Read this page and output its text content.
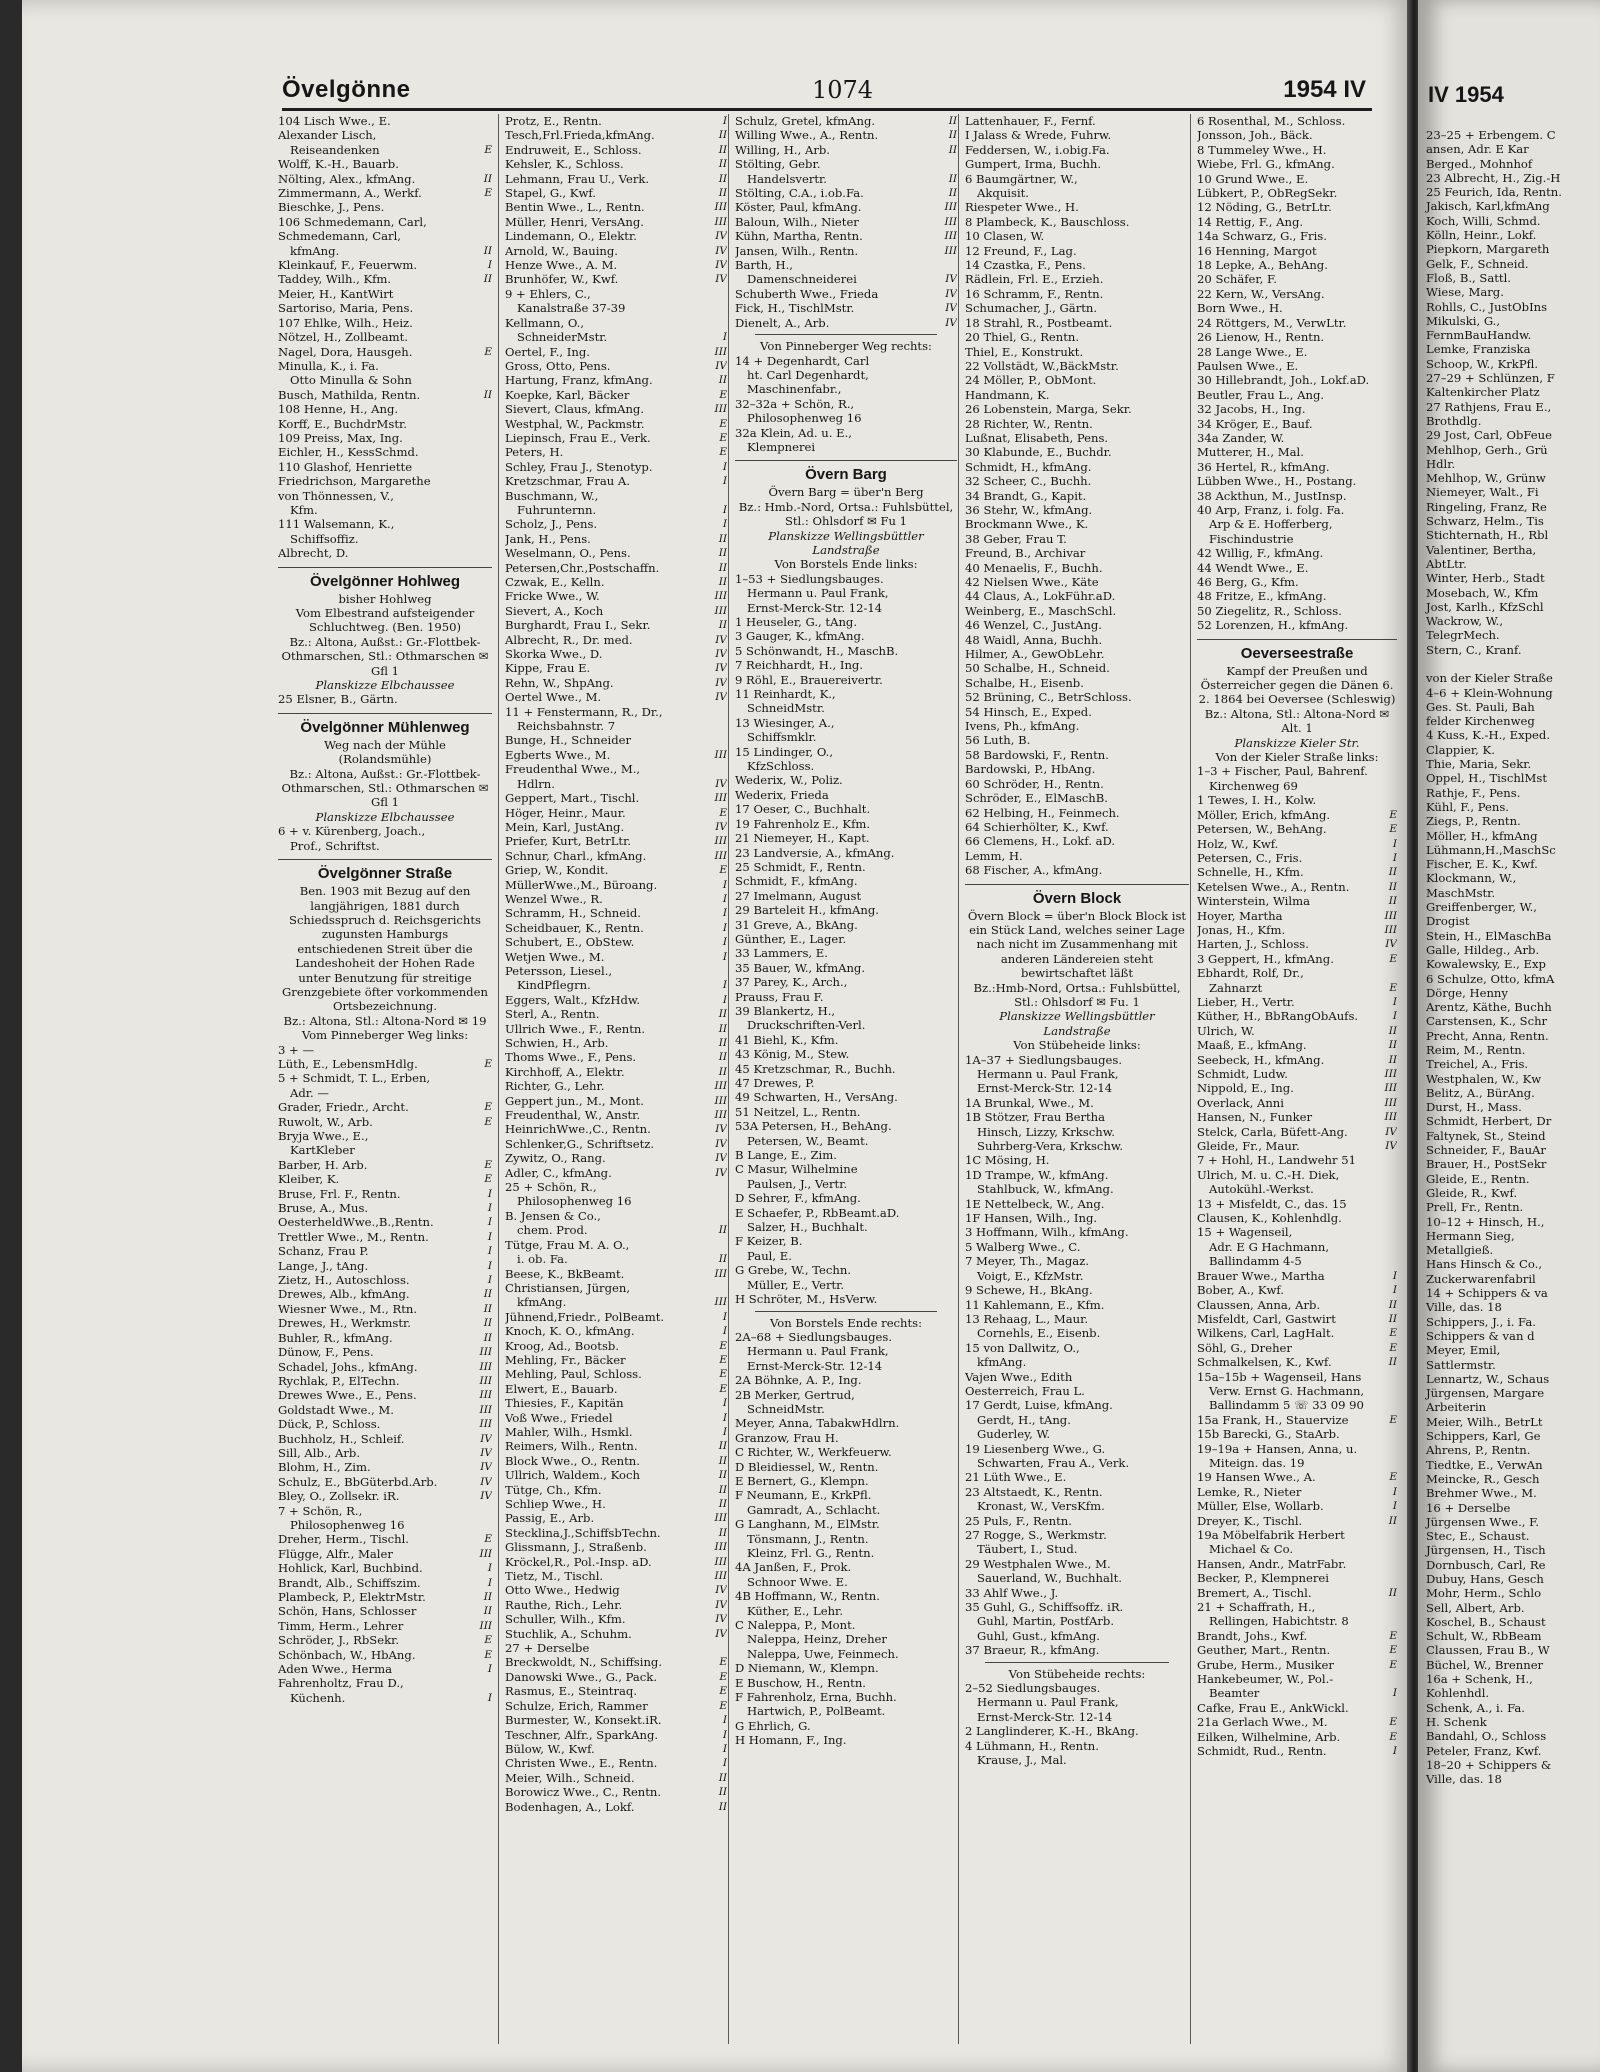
Övelgönne	1074	1954 IV
104 Lisch Wwe., E.
Alexander Lisch,
Reiseandenken	E
Wolff, K.-H., Bauarb.
Nölting, Alex., kfmAng.	II
Zimmermann, A., Werkf.	E
Bieschke, J., Pens.
106 Schmedemann, Carl,
Schmedemann, Carl,
kfmAng.	II
Kleinkauf, F., Feuerwm.	I
Taddey, Wilh., Kfm.	II
Meier, H., KantWirt
Sartoriso, Maria, Pens.
107 Ehlke, Wilh., Heiz.
Nötzel, H., Zollbeamt.
Nagel, Dora, Hausgeh.	E
Minulla, K., i. Fa.
Otto Minulla & Sohn
Busch, Mathilda, Rentn.	II
108 Henne, H., Ang.
Korff, E., BuchdrMstr.
109 Preiss, Max, Ing.
Eichler, H., KessSchmd.
110 Glashof, Henriette
Friedrichson, Margarethe
von Thönnessen, V.,
Kfm.
111 Walsemann, K.,
Schiffsoffiz.
Albrecht, D.
Övelgönner Hohlweg
bisher Hohlweg
Vom Elbestrand aufsteigender Schluchtweg. (Ben. 1950)
Bz.: Altona, Außst.: Gr.-Flottbek-Othmarschen, Stl.: Othmarschen ✉ Gfl 1
Planskizze Elbchaussee
25 Elsner, B., Gärtn.
Övelgönner Mühlenweg
Weg nach der Mühle (Rolandsmühle)
Bz.: Altona, Außst.: Gr.-Flottbek-Othmarschen, Stl.: Othmarschen ✉ Gfl 1
Planskizze Elbchaussee
6 + v. Kürenberg, Joach.,
Prof., Schriftst.
Övelgönner Straße
Ben. 1903 mit Bezug auf den langjährigen, 1881 durch Schiedsspruch d. Reichsgerichts zugunsten Hamburgs entschiedenen Streit über die Landeshoheit der Hohen Rade unter Benutzung für streitige Grenzgebiete öfter vorkommenden Ortsbezeichnung.
Bz.: Altona, Stl.: Altona-Nord ✉ 19
Vom Pinneberger Weg links:
3 + —
Lüth, E., LebensmHdlg.	E
5 + Schmidt, T. L., Erben,
Adr. —
Grader, Friedr., Archt.	E
Ruwolt, W., Arb.	E
Bryja Wwe., E.,
KartKleber
Barber, H. Arb.	E
Kleiber, K.	E
Bruse, Frl. F., Rentn.	I
Bruse, A., Mus.	I
OesterheldWwe.,B.,Rentn.	I
Trettler Wwe., M., Rentn.	I
Schanz, Frau P.	I
Lange, J., tAng.	I
Zietz, H., Autoschloss.	I
Drewes, Alb., kfmAng.	II
Wiesner Wwe., M., Rtn.	II
Drewes, H., Werkmstr.	II
Buhler, R., kfmAng.	II
Dünow, F., Pens.	III
Schadel, Johs., kfmAng.	III
Rychlak, P., ElTechn.	III
Drewes Wwe., E., Pens.	III
Goldstadt Wwe., M.	III
Dück, P., Schloss.	III
Buchholz, H., Schleif.	IV
Sill, Alb., Arb.	IV
Blohm, H., Zim.	IV
Schulz, E., BbGüterbd.Arb.	IV
Bley, O., Zollsekr. iR.	IV
7 + Schön, R.,
Philosophenweg 16
Dreher, Herm., Tischl.	E
Flügge, Alfr., Maler	III
Hohlick, Karl, Buchbind.	I
Brandt, Alb., Schiffszim.	I
Plambeck, P., ElektrMstr.	II
Schön, Hans, Schlosser	II
Timm, Herm., Lehrer	III
Schröder, J., RbSekr.	E
Schönbach, W., HbAng.	E
Aden Wwe., Herma	I
Fahrenholtz, Frau D.,
Küchenh.	I
Protz, E., Rentn.	I
Tesch,Frl.Frieda,kfmAng.	II
Endruweit, E., Schloss.	II
Kehsler, K., Schloss.	II
Lehmann, Frau U., Verk.	II
Stapel, G., Kwf.	II
Bentin Wwe., L., Rentn.	III
Müller, Henri, VersAng.	III
Lindemann, O., Elektr.	IV
Arnold, W., Bauing.	IV
Henze Wwe., A. M.	IV
Brunhöfer, W., Kwf.	IV
9 + Ehlers, C.,
Kanalstraße 37-39
Kellmann, O.,
SchneiderMstr.	I
Oertel, F., Ing.	III
Gross, Otto, Pens.	IV
Hartung, Franz, kfmAng.	II
Koepke, Karl, Bäcker	E
Sievert, Claus, kfmAng.	III
Westphal, W., Packmstr.	E
Liepinsch, Frau E., Verk.	E
Peters, H.	E
Schley, Frau J., Stenotyp.	I
Kretzschmar, Frau A.	I
Buschmann, W.,
Fuhrunternn.	I
Scholz, J., Pens.	I
Jank, H., Pens.	II
Weselmann, O., Pens.	II
Petersen,Chr.,Postschaffn.	II
Czwak, E., Kelln.	II
Fricke Wwe., W.	III
Sievert, A., Koch	III
Burghardt, Frau I., Sekr.	II
Albrecht, R., Dr. med.	IV
Skorka Wwe., D.	IV
Kippe, Frau E.	IV
Rehn, W., ShpAng.	IV
Oertel Wwe., M.	IV
11 + Fenstermann, R., Dr.,
Reichsbahnstr. 7
Bunge, H., Schneider
Egberts Wwe., M.	III
Freudenthal Wwe., M.,
Hdlrn.	IV
Geppert, Mart., Tischl.	III
Höger, Heinr., Maur.	E
Mein, Karl, JustAng.	IV
Priefer, Kurt, BetrLtr.	III
Schnur, Charl., kfmAng.	III
Griep, W., Kondit.	E
MüllerWwe.,M., Büroang.	I
Wenzel Wwe., R.	I
Schramm, H., Schneid.	I
Scheidbauer, K., Rentn.	I
Schubert, E., ObStew.	I
Wetjen Wwe., M.	I
Petersson, Liesel.,
KindPflegrn.	I
Eggers, Walt., KfzHdw.	I
Sterl, A., Rentn.	II
Ullrich Wwe., F., Rentn.	II
Schwien, H., Arb.	II
Thoms Wwe., F., Pens.	II
Kirchhoff, A., Elektr.	II
Richter, G., Lehr.	III
Geppert jun., M., Mont.	III
Freudenthal, W., Anstr.	III
HeinrichWwe.,C., Rentn.	IV
Schlenker,G., Schriftsetz.	IV
Zywitz, O., Rang.	IV
Adler, C., kfmAng.	IV
25 + Schön, R.,
Philosophenweg 16
B. Jensen & Co.,
chem. Prod.	II
Tütge, Frau M. A. O.,
i. ob. Fa.	II
Beese, K., BkBeamt.	III
Christiansen, Jürgen,
kfmAng.	III
Jühnend,Friedr., PolBeamt.	I
Knoch, K. O., kfmAng.	I
Kroog, Ad., Bootsb.	E
Mehling, Fr., Bäcker	E
Mehling, Paul, Schloss.	E
Elwert, E., Bauarb.	E
Thiesies, F., Kapitän	I
Voß Wwe., Friedel	I
Mahler, Wilh., Hsmkl.	I
Reimers, Wilh., Rentn.	II
Block Wwe., O., Rentn.	II
Ullrich, Waldem., Koch	II
Tütge, Ch., Kfm.	II
Schliep Wwe., H.	II
Passig, E., Arb.	III
Stecklina,J.,SchiffsbTechn.	II
Glissmann, J., Straßenb.	III
Kröckel,R., Pol.-Insp. aD.	III
Tietz, M., Tischl.	III
Otto Wwe., Hedwig	IV
Rauthe, Rich., Lehr.	IV
Schuller, Wilh., Kfm.	IV
Stuchlik, A., Schuhm.	IV
27 + Derselbe
Breckwoldt, N., Schiffsing.	E
Danowski Wwe., G., Pack.	E
Rasmus, E., Steintraq.	E
Schulze, Erich, Rammer	E
Burmester, W., Konsekt.iR.	I
Teschner, Alfr., SparkAng.	I
Bülow, W., Kwf.	I
Christen Wwe., E., Rentn.	I
Meier, Wilh., Schneid.	II
Borowicz Wwe., C., Rentn.	II
Bodenhagen, A., Lokf.	II
Schulz, Gretel, kfmAng.	II
Willing Wwe., A., Rentn.	II
Willing, H., Arb.	II
Stölting, Gebr.
Handelsvertr.	II
Stölting, C.A., i.ob.Fa.	II
Köster, Paul, kfmAng.	III
Baloun, Wilh., Nieter	III
Kühn, Martha, Rentn.	III
Jansen, Wilh., Rentn.	III
Barth, H.,
Damenschneiderei	IV
Schuberth Wwe., Frieda	IV
Fick, H., TischlMstr.	IV
Dienelt, A., Arb.	IV
Von Pinneberger Weg rechts:
14 + Degenhardt, Carl
ht. Carl Degenhardt,
Maschinenfabr.,
32–32a + Schön, R.,
Philosophenweg 16
32a Klein, Ad. u. E.,
Klempnerei
Övern Barg
Övern Barg = über'n Berg
Bz.: Hmb.-Nord, Ortsa.: Fuhlsbüttel, Stl.: Ohlsdorf ✉ Fu 1
Planskizze Wellingsbüttler Landstraße
Von Borstels Ende links:
1–53 + Siedlungsbauges.
Hermann u. Paul Frank,
Ernst-Merck-Str. 12-14
1 Heuseler, G., tAng.
3 Gauger, K., kfmAng.
5 Schönwandt, H., MaschB.
7 Reichhardt, H., Ing.
9 Röhl, E., Brauereivertr.
11 Reinhardt, K.,
SchneidMstr.
13 Wiesinger, A.,
Schiffsmklr.
15 Lindinger, O.,
KfzSchloss.
Wederix, W., Poliz.
Wederix, Frieda
17 Oeser, C., Buchhalt.
19 Fahrenholz E., Kfm.
21 Niemeyer, H., Kapt.
23 Landversie, A., kfmAng.
25 Schmidt, F., Rentn.
Schmidt, F., kfmAng.
27 Imelmann, August
29 Barteleit H., kfmAng.
31 Greve, A., BkAng.
Günther, E., Lager.
33 Lammers, E.
35 Bauer, W., kfmAng.
37 Parey, K., Arch.,
Prauss, Frau F.
39 Blankertz, H.,
Druckschriften-Verl.
41 Biehl, K., Kfm.
43 König, M., Stew.
45 Kretzschmar, R., Buchh.
47 Drewes, P.
49 Schwarten, H., VersAng.
51 Neitzel, L., Rentn.
53A Petersen, H., BehAng.
Petersen, W., Beamt.
B Lange, E., Zim.
C Masur, Wilhelmine
Paulsen, J., Vertr.
D Sehrer, F., kfmAng.
E Schaefer, P., RbBeamt.aD.
Salzer, H., Buchhalt.
F Keizer, B.
Paul, E.
G Grebe, W., Techn.
Müller, E., Vertr.
H Schröter, M., HsVerw.
Von Borstels Ende rechts:
2A–68 + Siedlungsbauges.
Hermann u. Paul Frank,
Ernst-Merck-Str. 12-14
2A Böhnke, A. P., Ing.
2B Merker, Gertrud,
SchneidMstr.
Meyer, Anna, TabakwHdlrn.
Granzow, Frau H.
C Richter, W., Werkfeuerw.
D Bleidiessel, W., Rentn.
E Bernert, G., Klempn.
F Neumann, E., KrkPfl.
Gamradt, A., Schlacht.
G Langhann, M., ElMstr.
Tönsmann, J., Rentn.
Kleinz, Frl. G., Rentn.
4A Janßen, F., Prok.
Schnoor Wwe. E.
4B Hoffmann, W., Rentn.
Küther, E., Lehr.
C Naleppa, P., Mont.
Naleppa, Heinz, Dreher
Naleppa, Uwe, Feinmech.
D Niemann, W., Klempn.
E Buschow, H., Rentn.
F Fahrenholz, Erna, Buchh.
Hartwich, P., PolBeamt.
G Ehrlich, G.
H Homann, F., Ing.
Lattenhauer, F., Fernf.
I Jalass & Wrede, Fuhrw.
Feddersen, W., i.obig.Fa.
Gumpert, Irma, Buchh.
6 Baumgärtner, W.,
Akquisit.
Riespeter Wwe., H.
8 Plambeck, K., Bauschloss.
10 Clasen, W.
12 Freund, F., Lag.
14 Czastka, F., Pens.
Rädlein, Frl. E., Erzieh.
16 Schramm, F., Rentn.
Schumacher, J., Gärtn.
18 Strahl, R., Postbeamt.
20 Thiel, G., Rentn.
Thiel, E., Konstrukt.
22 Vollstädt, W.,BäckMstr.
24 Möller, P., ObMont.
Handmann, K.
26 Lobenstein, Marga, Sekr.
28 Richter, W., Rentn.
Lußnat, Elisabeth, Pens.
30 Klabunde, E., Buchdr.
Schmidt, H., kfmAng.
32 Scheer, C., Buchh.
34 Brandt, G., Kapit.
36 Stehr, W., kfmAng.
Brockmann Wwe., K.
38 Geber, Frau T.
Freund, B., Archivar
40 Menaelis, F., Buchh.
42 Nielsen Wwe., Käte
44 Claus, A., LokFühr.aD.
Weinberg, E., MaschSchl.
46 Wenzel, C., JustAng.
48 Waidl, Anna, Buchh.
Hilmer, A., GewObLehr.
50 Schalbe, H., Schneid.
Schalbe, H., Eisenb.
52 Brüning, C., BetrSchloss.
54 Hinsch, E., Exped.
Ivens, Ph., kfmAng.
56 Luth, B.
58 Bardowski, F., Rentn.
Bardowski, P., HbAng.
60 Schröder, H., Rentn.
Schröder, E., ElMaschB.
62 Helbing, H., Feinmech.
64 Schierhölter, K., Kwf.
66 Clemens, H., Lokf. aD.
Lemm, H.
68 Fischer, A., kfmAng.
Övern Block
Övern Block = über'n Block Block ist ein Stück Land, welches seiner Lage nach nicht im Zusammenhang mit anderen Ländereien steht bewirtschaftet läßt
Bz.:Hmb-Nord, Ortsa.: Fuhlsbüttel, Stl.: Ohlsdorf ✉ Fu. 1
Planskizze Wellingsbüttler Landstraße
Von Stübeheide links:
1A–37 + Siedlungsbauges.
Hermann u. Paul Frank,
Ernst-Merck-Str. 12-14
1A Brunkal, Wwe., M.
1B Stötzer, Frau Bertha
Hinsch, Lizzy, Krkschw.
Suhrberg-Vera, Krkschw.
1C Mösing, H.
1D Trampe, W., kfmAng.
Stahlbuck, W., kfmAng.
1E Nettelbeck, W., Ang.
1F Hansen, Wilh., Ing.
3 Hoffmann, Wilh., kfmAng.
5 Walberg Wwe., C.
7 Meyer, Th., Magaz.
Voigt, E., KfzMstr.
9 Schewe, H., BkAng.
11 Kahlemann, E., Kfm.
13 Rehaag, L., Maur.
Cornehls, E., Eisenb.
15 von Dallwitz, O.,
kfmAng.
Vajen Wwe., Edith
Oesterreich, Frau L.
17 Gerdt, Luise, kfmAng.
Gerdt, H., tAng.
Guderley, W.
19 Liesenberg Wwe., G.
Schwarten, Frau A., Verk.
21 Lüth Wwe., E.
23 Altstaedt, K., Rentn.
Kronast, W., VersKfm.
25 Puls, F., Rentn.
27 Rogge, S., Werkmstr.
Täubert, I., Stud.
29 Westphalen Wwe., M.
Sauerland, W., Buchhalt.
33 Ahlf Wwe., J.
35 Guhl, G., Schiffsoffz. iR.
Guhl, Martin, PostfArb.
Guhl, Gust., kfmAng.
37 Braeur, R., kfmAng.
Von Stübeheide rechts:
2–52 Siedlungsbauges.
Hermann u. Paul Frank,
Ernst-Merck-Str. 12-14
2 Langlinderer, K.-H., BkAng.
4 Lühmann, H., Rentn.
Krause, J., Mal.
6 Rosenthal, M., Schloss.
Jonsson, Joh., Bäck.
8 Tummeley Wwe., H.
Wiebe, Frl. G., kfmAng.
10 Grund Wwe., E.
Lübkert, P., ObRegSekr.
12 Nöding, G., BetrLtr.
14 Rettig, F., Ang.
14a Schwarz, G., Fris.
16 Henning, Margot
18 Lepke, A., BehAng.
20 Schäfer, F.
22 Kern, W., VersAng.
Born Wwe., H.
24 Röttgers, M., VerwLtr.
26 Lienow, H., Rentn.
28 Lange Wwe., E.
Paulsen Wwe., E.
30 Hillebrandt, Joh., Lokf.aD.
Beutler, Frau L., Ang.
32 Jacobs, H., Ing.
34 Kröger, E., Bauf.
34a Zander, W.
Mutterer, H., Mal.
36 Hertel, R., kfmAng.
Lübben Wwe., H., Postang.
38 Ackthun, M., JustInsp.
40 Arp, Franz, i. folg. Fa.
Arp & E. Hofferberg,
Fischindustrie
42 Willig, F., kfmAng.
44 Wendt Wwe., E.
46 Berg, G., Kfm.
48 Fritze, E., kfmAng.
50 Ziegelitz, R., Schloss.
52 Lorenzen, H., kfmAng.
Oeverseestraße
Kampf der Preußen und Österreicher gegen die Dänen 6. 2. 1864 bei Oeversee (Schleswig)
Bz.: Altona, Stl.: Altona-Nord ✉ Alt. 1
Planskizze Kieler Str.
Von der Kieler Straße links:
1–3 + Fischer, Paul, Bahrenf.
Kirchenweg 69
1 Tewes, I. H., Kolw.
Möller, Erich, kfmAng.	E
Petersen, W., BehAng.	E
Holz, W., Kwf.	I
Petersen, C., Fris.	I
Schnelle, H., Kfm.	II
Ketelsen Wwe., A., Rentn.	II
Winterstein, Wilma	II
Hoyer, Martha	III
Jonas, H., Kfm.	III
Harten, J., Schloss.	IV
3 Geppert, H., kfmAng.	E
Ebhardt, Rolf, Dr.,
Zahnarzt	E
Lieber, H., Vertr.	I
Küther, H., BbRangObAufs.	I
Ulrich, W.	II
Maaß, E., kfmAng.	II
Seebeck, H., kfmAng.	II
Schmidt, Ludw.	III
Nippold, E., Ing.	III
Overlack, Anni	III
Hansen, N., Funker	III
Stelck, Carla, Büfett-Ang.	IV
Gleide, Fr., Maur.	IV
7 + Hohl, H., Landwehr 51
Ulrich, M. u. C.-H. Diek,
Autokühl.-Werkst.
13 + Misfeldt, C., das. 15
Clausen, K., Kohlenhdlg.
15 + Wagenseil,
Adr. E G Hachmann,
Ballindamm 4-5
Brauer Wwe., Martha	I
Bober, A., Kwf.	I
Claussen, Anna, Arb.	II
Misfeldt, Carl, Gastwirt	II
Wilkens, Carl, LagHalt.	E
Söhl, G., Dreher	E
Schmalkelsen, K., Kwf.	II
15a–15b + Wagenseil, Hans
Verw. Ernst G. Hachmann,
Ballindamm 5 ☏ 33 09 90
15a Frank, H., Stauervize	E
15b Barecki, G., StaArb.
19–19a + Hansen, Anna, u.
Miteign. das. 19
19 Hansen Wwe., A.	E
Lemke, R., Nieter	I
Müller, Else, Wollarb.	I
Dreyer, K., Tischl.	II
19a Möbelfabrik Herbert
Michael & Co.
Hansen, Andr., MatrFabr.
Becker, P., Klempnerei
Bremert, A., Tischl.	II
21 + Schaffrath, H.,
Rellingen, Habichtstr. 8
Brandt, Johs., Kwf.	E
Geuther, Mart., Rentn.	E
Grube, Herm., Musiker	E
Hankebeumer, W., Pol.-
Beamter	I
Cafke, Frau E., AnkWickl.
21a Gerlach Wwe., M.	E
Eilken, Wilhelmine, Arb.	E
Schmidt, Rud., Rentn.	I
IV 1954
23–25 + Erbengem. C
ansen, Adr. E Kar
Berged., Mohnhof
23 Albrecht, H., Zig.-H
25 Feurich, Ida, Rentn.
Jakisch, Karl,kfmAng
Koch, Willi, Schmd.
Kölln, Heinr., Lokf.
Piepkorn, Margareth
Gelk, F., Schneid.
Floß, B., Sattl.
Wiese, Marg.
Rohlls, C., JustObIns
Mikulski, G.,
FernmBauHandw.
Lemke, Franziska
Schoop, W., KrkPfl.
27–29 + Schlünzen, F
Kaltenkircher Platz
27 Rathjens, Frau E.,
Brothdlg.
29 Jost, Carl, ObFeue
Mehlhop, Gerh., Grü
Hdlr.
Mehlhop, W., Grünw
Niemeyer, Walt., Fi
Ringeling, Franz, Re
Schwarz, Helm., Tis
Stichternath, H., Rbl
Valentiner, Bertha,
AbtLtr.
Winter, Herb., Stadt
Mosebach, W., Kfm
Jost, Karlh., KfzSchl
Wackrow, W.,
TelegrMech.
Stern, C., Kranf.

von der Kieler Straße
4–6 + Klein-Wohnung
Ges. St. Pauli, Bah
felder Kirchenweg
4 Kuss, K.-H., Exped.
Clappier, K.
Thie, Maria, Sekr.
Oppel, H., TischlMst
Rathje, F., Pens.
Kühl, F., Pens.
Ziegs, P., Rentn.
Möller, H., kfmAng
Lühmann,H.,MaschSc
Fischer, E. K., Kwf.
Klockmann, W.,
MaschMstr.
Greiffenberger, W.,
Drogist
Stein, H., ElMaschBa
Galle, Hildeg., Arb.
Kowalewsky, E., Exp
6 Schulze, Otto, kfmA
Dörge, Henny
Arentz, Käthe, Buchh
Carstensen, K., Schr
Precht, Anna, Rentn.
Reim, M., Rentn.
Treichel, A., Fris.
Westphalen, W., Kw
Belitz, A., BürAng.
Durst, H., Mass.
Schmidt, Herbert, Dr
Faltynek, St., Steind
Schneider, F., BauAr
Brauer, H., PostSekr
Gleide, E., Rentn.
Gleide, R., Kwf.
Prell, Fr., Rentn.
10–12 + Hinsch, H.,
Hermann Sieg,
Metallgieß.
Hans Hinsch & Co.,
Zuckerwarenfabril
14 + Schippers & va
Ville, das. 18
Schippers, J., i. Fa.
Schippers & van d
Meyer, Emil,
Sattlermstr.
Lennartz, W., Schaus
Jürgensen, Margare
Arbeiterin
Meier, Wilh., BetrLt
Schippers, Karl, Ge
Ahrens, P., Rentn.
Tiedtke, E., VerwAn
Meincke, R., Gesch
Brehmer Wwe., M.
16 + Derselbe
Jürgensen Wwe., F.
Stec, E., Schaust.
Jürgensen, H., Tisch
Dornbusch, Carl, Re
Dubuy, Hans, Gesch
Mohr, Herm., Schlo
Sell, Albert, Arb.
Koschel, B., Schaust
Schult, W., RbBeam
Claussen, Frau B., W
Büchel, W., Brenner
16a + Schenk, H.,
Kohlenhdl.
Schenk, A., i. Fa.
H. Schenk
Bandahl, O., Schloss
Peteler, Franz, Kwf.
18–20 + Schippers &
Ville, das. 18
